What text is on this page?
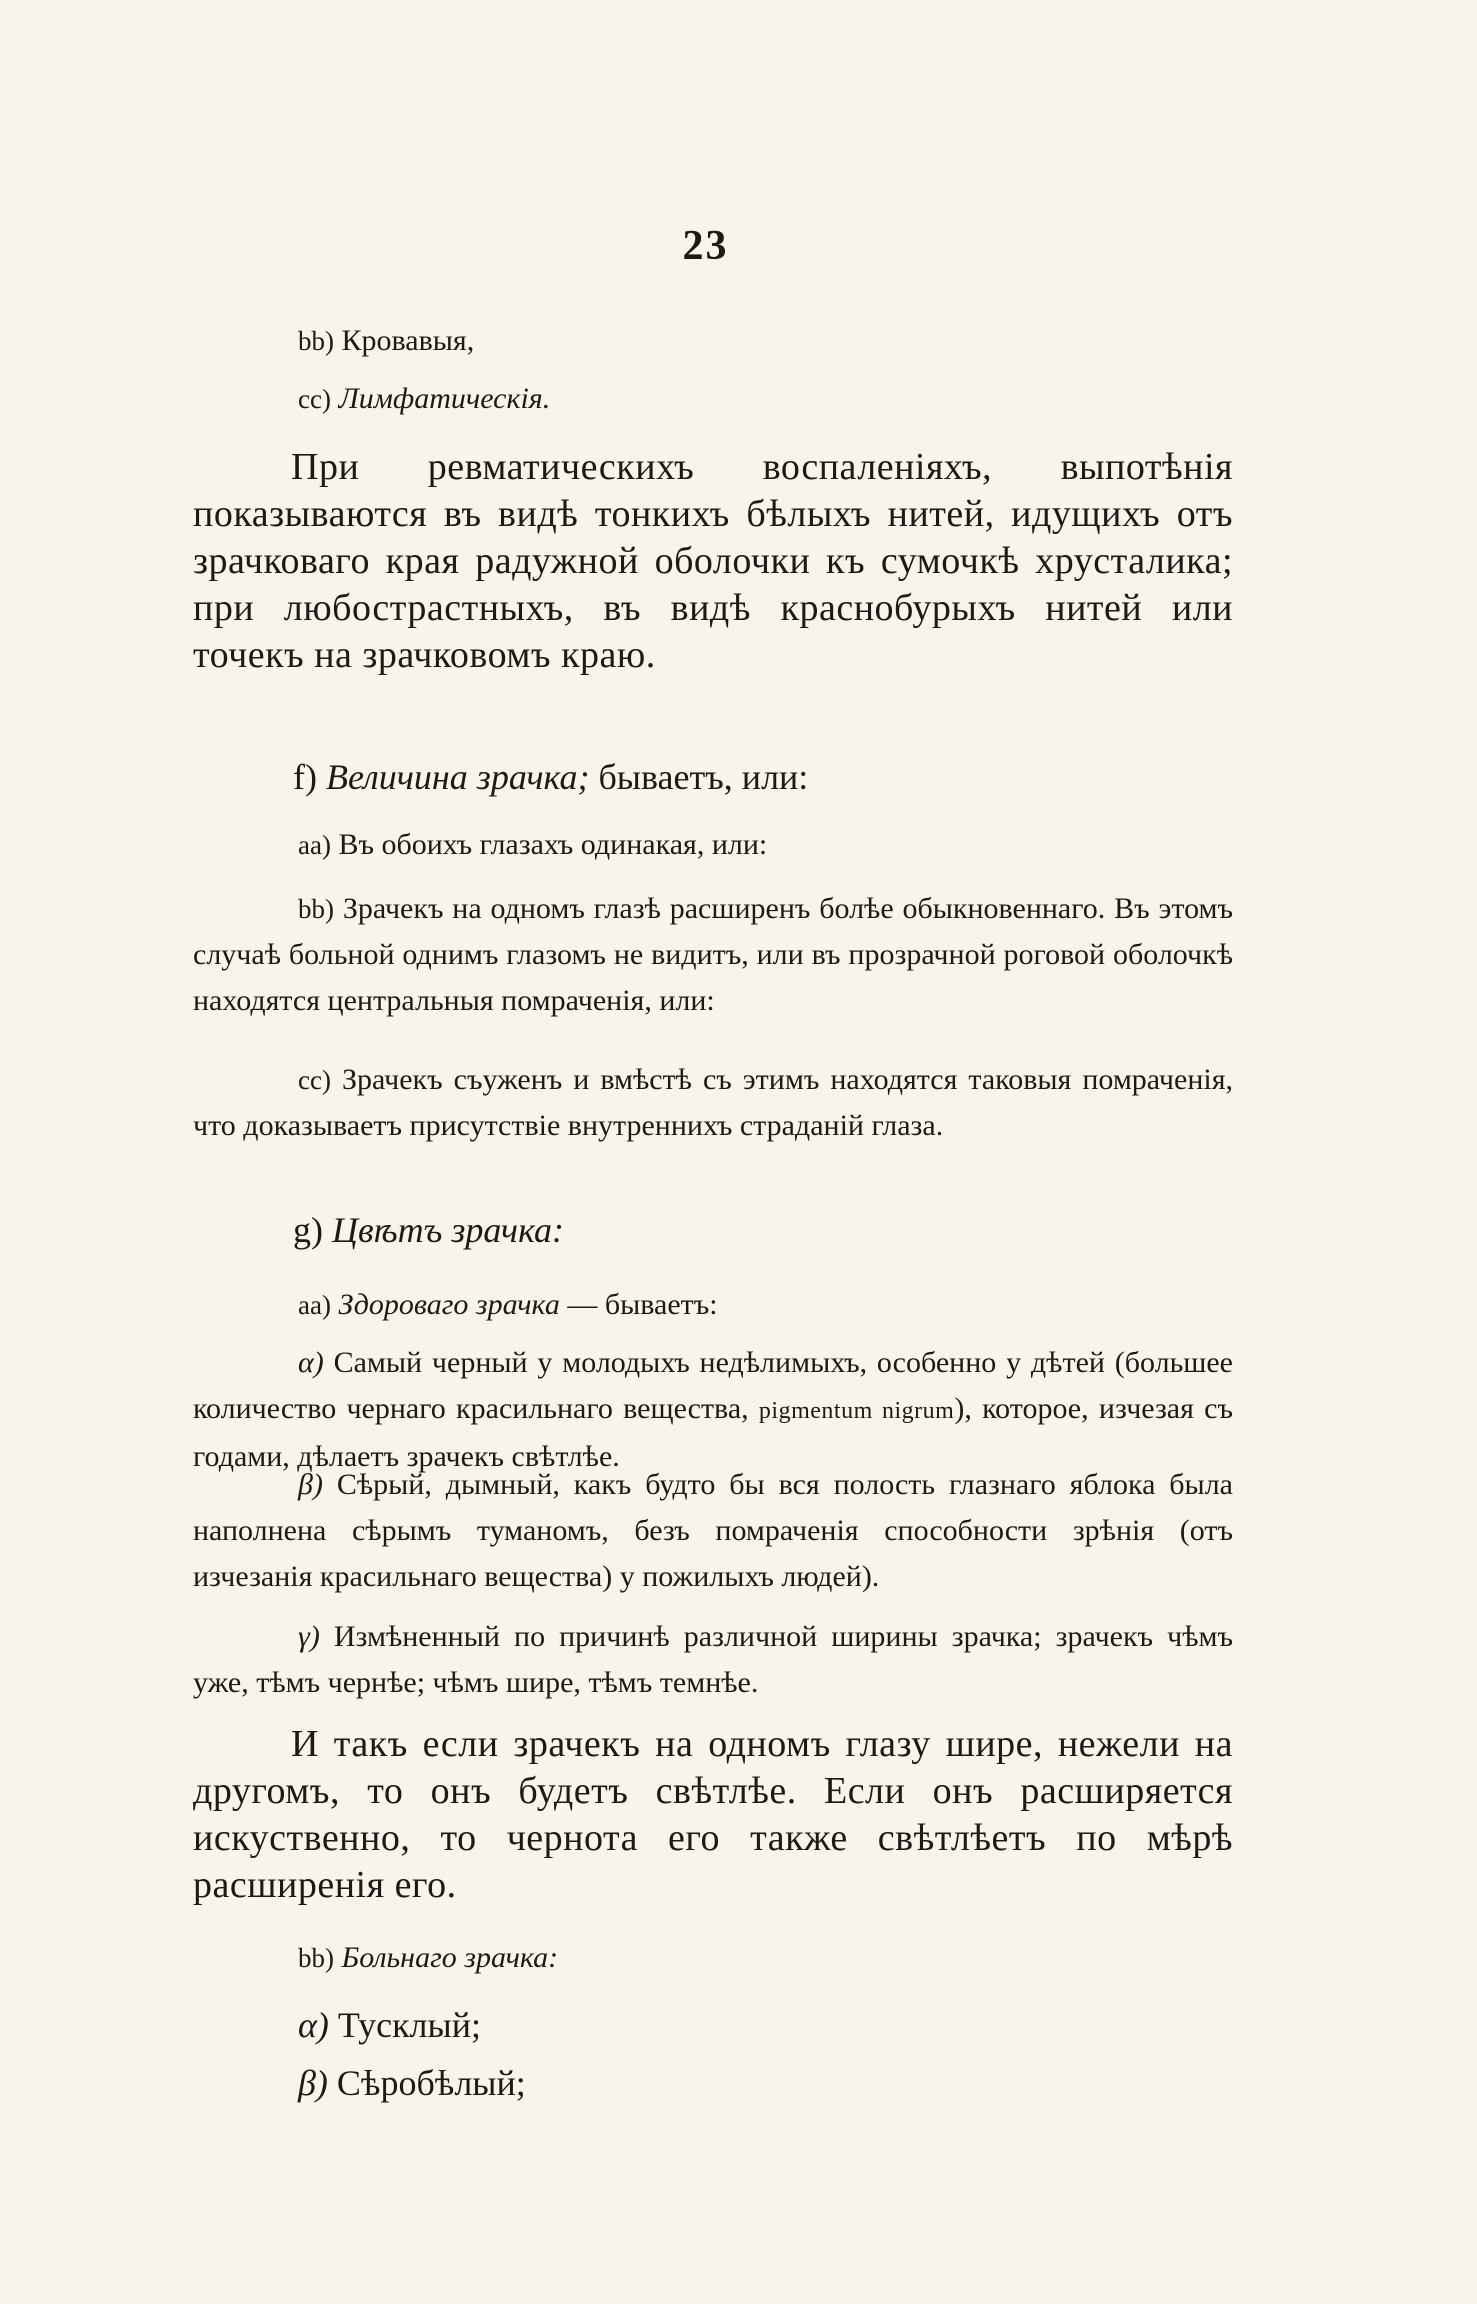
23

bb) Кровавыя,

cc) Лимфатическія.

При ревматическихъ воспаленіяхъ, выпотѣнія показываются въ видѣ тонкихъ бѣлыхъ нитей, идущихъ отъ зрачковаго края радужной оболочки къ сумочкѣ хрусталика; при любострастныхъ, въ видѣ краснобурыхъ нитей или точекъ на зрачковомъ краю.

f) Величина зрачка; бываетъ, или:

aa) Въ обоихъ глазахъ одинакая, или:

bb) Зрачекъ на одномъ глазѣ расширенъ болѣе обыкновеннаго. Въ этомъ случаѣ больной однимъ глазомъ не видитъ, или въ прозрачной роговой оболочкѣ находятся центральныя помраченія, или:

cc) Зрачекъ съуженъ и вмѣстѣ съ этимъ находятся таковыя помраченія, что доказываетъ присутствіе внутреннихъ страданій глаза.

g) Цвѣтъ зрачка:

aa) Здороваго зрачка — бываетъ:

α) Самый черный у молодыхъ недѣлимыхъ, особенно у дѣтей (большее количество чернаго красильнаго вещества, pigmentum nigrum), которое, изчезая съ годами, дѣлаетъ зрачекъ свѣтлѣе.

β) Сѣрый, дымный, какъ будто бы вся полость глазнаго яблока была наполнена сѣрымъ туманомъ, безъ помраченія способности зрѣнія (отъ изчезанія красильнаго вещества) у пожилыхъ людей).

γ) Измѣненный по причинѣ различной ширины зрачка; зрачекъ чѣмъ уже, тѣмъ чернѣе; чѣмъ шире, тѣмъ темнѣе.

И такъ если зрачекъ на одномъ глазу шире, нежели на другомъ, то онъ будетъ свѣтлѣе. Если онъ расширяется искуственно, то чернота его также свѣтлѣетъ по мѣрѣ расширенія его.

bb) Больнаго зрачка:

α) Тусклый;

β) Сѣробѣлый;
